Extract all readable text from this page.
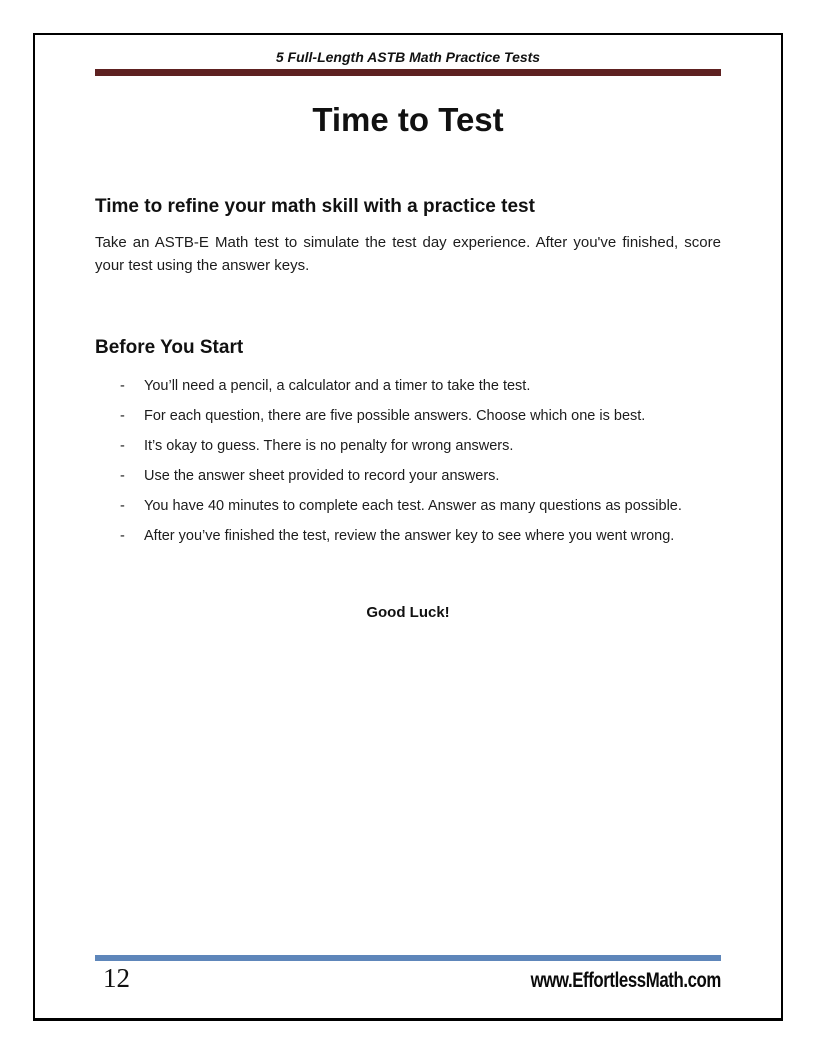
5 Full-Length ASTB Math Practice Tests
Time to Test
Time to refine your math skill with a practice test

Take an ASTB-E Math test to simulate the test day experience. After you've finished, score your test using the answer keys.

Before You Start
-	You’ll need a pencil, a calculator and a timer to take the test.
-	For each question, there are five possible answers. Choose which one is best.
-	It’s okay to guess. There is no penalty for wrong answers.
-	Use the answer sheet provided to record your answers.
-	You have 40 minutes to complete each test. Answer as many questions as possible.
-	After you’ve finished the test, review the answer key to see where you went wrong.
Good Luck!
12	www.EffortlessMath.com
